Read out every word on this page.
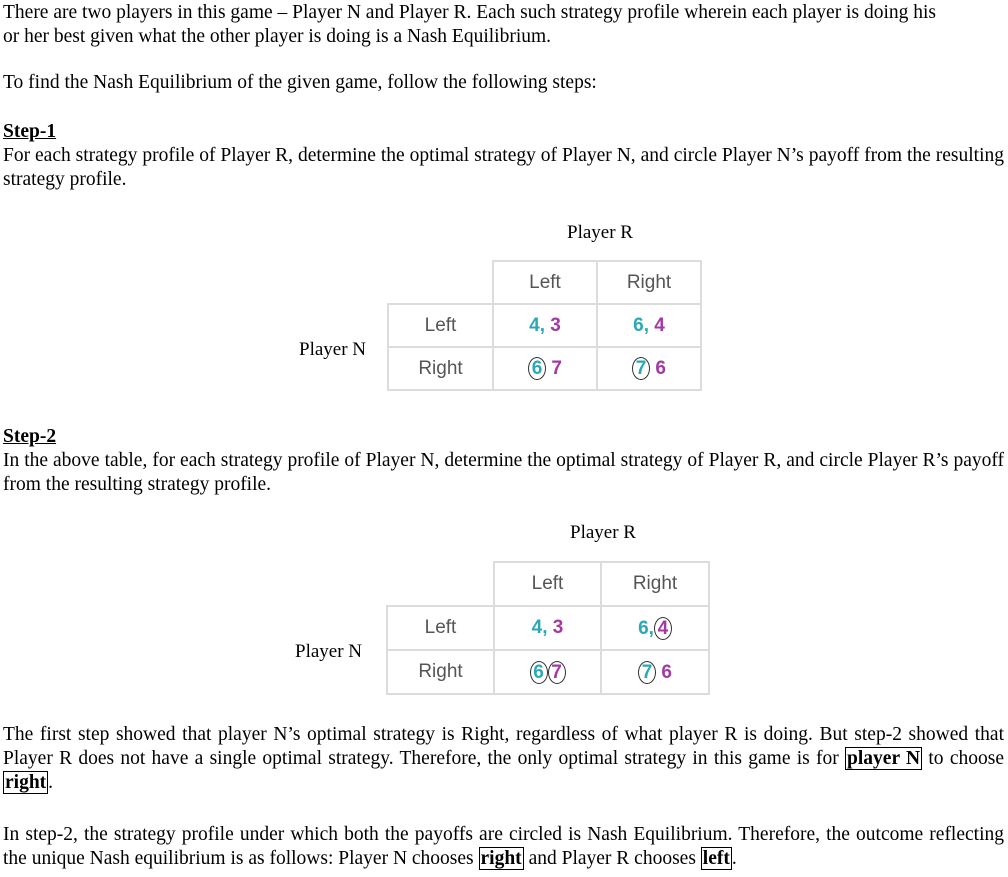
There are two players in this game – Player N and Player R. Each such strategy profile wherein each player is doing his
or her best given what the other player is doing is a Nash Equilibrium.
To find the Nash Equilibrium of the given game, follow the following steps:
Step-1
For each strategy profile of Player R, determine the optimal strategy of Player N, and circle Player N’s payoff from the resulting strategy profile.
Player R
Player N
	Left	Right
Left	4, 3	6, 4
Right	6 7	7 6
Step-2
In the above table, for each strategy profile of Player N, determine the optimal strategy of Player R, and circle Player R’s payoff from the resulting strategy profile.
Player R
Player N
	Left	Right
Left	4, 3	6, 4
Right	6 7	7 6
The first step showed that player N’s optimal strategy is Right, regardless of what player R is doing. But step-2 showed that Player R does not have a single optimal strategy. Therefore, the only optimal strategy in this game is for player N to choose right .
In step-2, the strategy profile under which both the payoffs are circled is Nash Equilibrium. Therefore, the outcome reflecting the unique Nash equilibrium is as follows: Player N chooses right and Player R chooses left .
